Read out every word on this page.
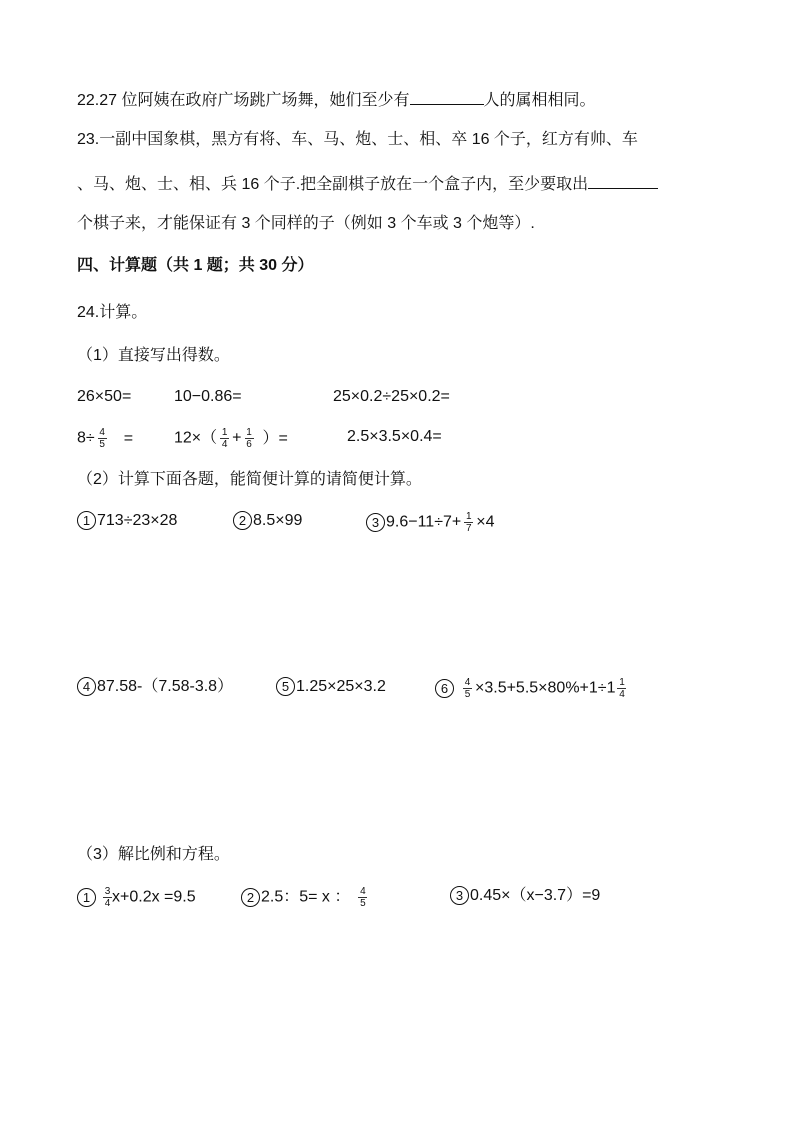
22.27 位阿姨在政府广场跳广场舞，她们至少有	人的属相相同。
23.一副中国象棋，黑方有将、车、马、炮、士、相、卒 16 个子，红方有帅、车
、马、炮、士、相、兵 16 个子.把全副棋子放在一个盒子内，至少要取出
个棋子来，才能保证有 3 个同样的子（例如 3 个车或 3 个炮等）.
四、计算题（共 1 题；共 30 分）
24.计算。
（1）直接写出得数。
26×50=	10−0.86=	25×0.2÷25×0.2=
$8\div \frac{4}{5}$ =	$12\times( \frac{1}{4} + \frac{1}{6}$ ）=	2.5×3.5×0.4=
（2）计算下面各题，能简便计算的请简便计算。
1 713÷23×28	2 8.5×99	3 $9.6-11\div 7+ \frac{1}{7} \times 4$
4 87.58-（7.58-3.8）	5 1.25×25×3.2	$6 \frac{4}{5} \times 3.5+5.5\times 80\%+1\div 1 \frac{1}{4}$
（3）解比例和方程。
$1 \frac{3}{4} x+0.2x =9.5$	2 2.5：5= x ： $\frac{4}{5}$	3 0.45×（x−3.7）=9
